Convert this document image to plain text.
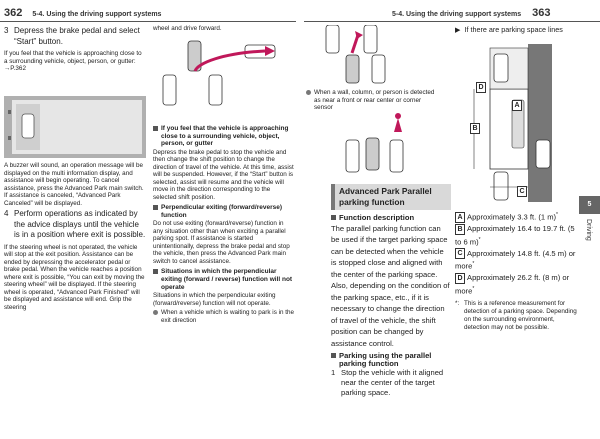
362 5-4. Using the driving support systems	5-4. Using the driving support systems 363
3 Depress the brake pedal and select “Start” button.

If you feel that the vehicle is approaching close to a surrounding vehicle, object, person, or gutter: →P.362

A buzzer will sound, an operation message will be displayed on the multi information display, and assistance will begin operating. To cancel assistance, press the Advanced Park main switch. If assistance is canceled, “Advanced Park Canceled” will be displayed.

4 Perform operations as indicated by the advice displays until the vehicle is in a position where exit is possible.

If the steering wheel is not operated, the vehicle will stop at the exit position. Assistance can be ended by depressing the accelerator pedal or brake pedal. When the vehicle reaches a position where exit is possible, “You can exit by moving the steering wheel” will be displayed. If the steering wheel is operated, “Advanced Park Finished” will be displayed and assistance will end. Grip the steering

wheel and drive forward.

If you feel that the vehicle is approaching close to a surrounding vehicle, object, person, or gutter

Depress the brake pedal to stop the vehicle and then change the shift position to change the direction of travel of the vehicle. At this time, assist will be suspended. However, if the “Start” button is selected, assist will resume and the vehicle will move in the direction corresponding to the selected shift position.

Perpendicular exiting (forward/reverse) function

Do not use exiting (forward/reverse) function in any situation other than when exciting a parallel parking spot. If assistance is started unintentionally, depress the brake pedal and stop the vehicle, then press the Advanced Park main switch to cancel assistance.

Situations in which the perpendicular exiting (forward / reverse) function will not operate

Situations in which the perpendicular exiting (forward/reverse) function will not operate.

When a vehicle which is waiting to park is in the exit direction
When a wall, column, or person is detected as near a front or rear center or corner sensor
Advanced Park Parallel parking function
Function description

The parallel parking function can be used if the target parking space can be detected when the vehicle is stopped close and aligned with the center of the parking space. Also, depending on the condition of the parking space, etc., if it is necessary to change the direction of travel of the vehicle, the shift position can be changed by assistance control.

Parking using the parallel parking function
1 Stop the vehicle with it aligned near the center of the target parking space.
▶ If there are parking space lines
D
A
B
C
A Approximately 3.3 ft. (1 m)*
B Approximately 16.4 to 19.7 ft. (5 to 6 m)*
C Approximately 14.8 ft. (4.5 m) or more*
D Approximately 26.2 ft. (8 m) or more*
*: This is a reference measurement for detection of a parking space. Depending on the surrounding environment, detection may not be possible.
5
Driving
